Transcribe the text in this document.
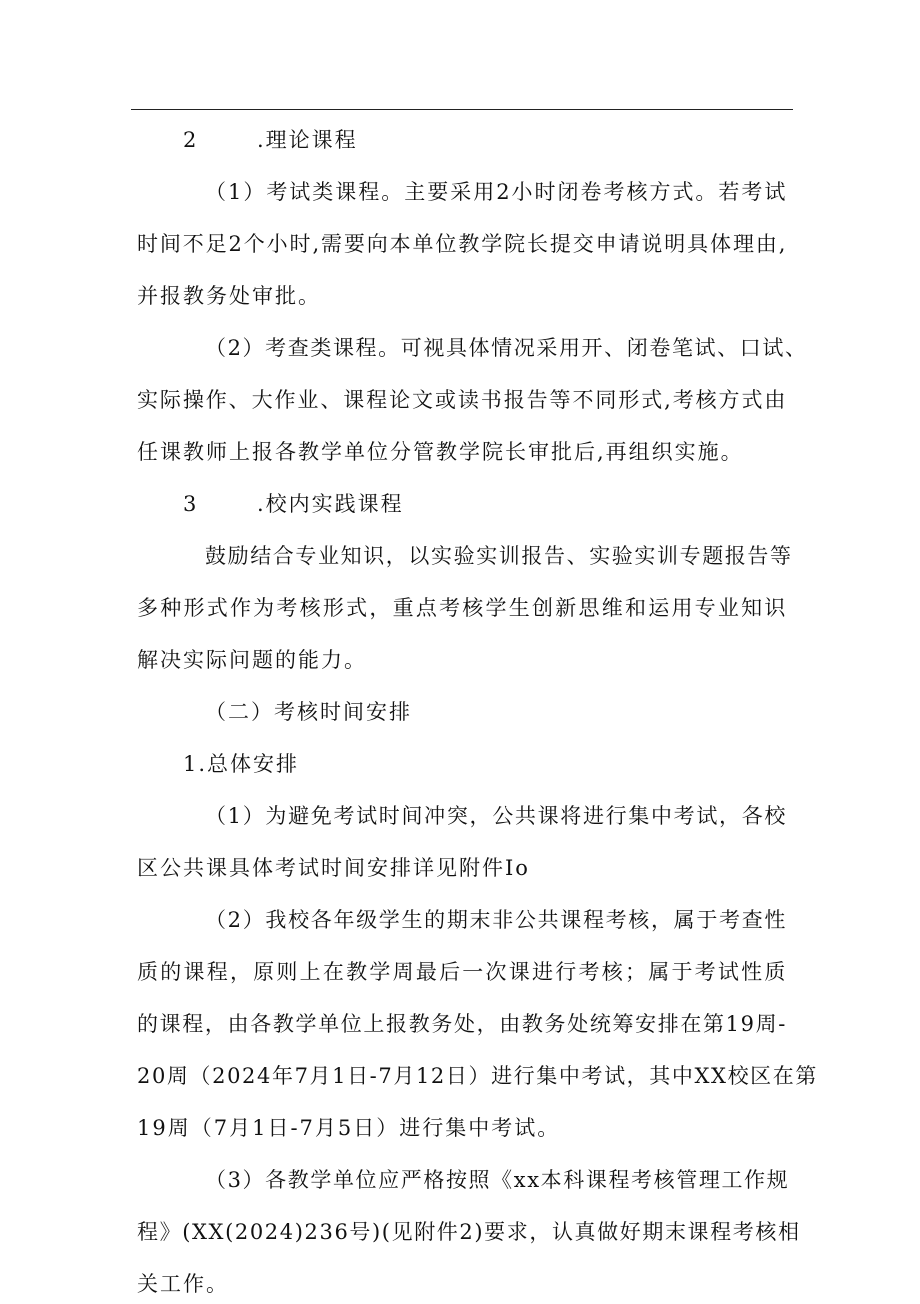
2	.理论课程
（1）考试类课程。主要采用2小时闭卷考核方式。若考试
时间不足2个小时,需要向本单位教学院长提交申请说明具体理由,
并报教务处审批。
（2）考查类课程。可视具体情况采用开、闭卷笔试、口试、
实际操作、大作业、课程论文或读书报告等不同形式,考核方式由
任课教师上报各教学单位分管教学院长审批后,再组织实施。
3	.校内实践课程
鼓励结合专业知识，以实验实训报告、实验实训专题报告等
多种形式作为考核形式，重点考核学生创新思维和运用专业知识
解决实际问题的能力。
（二）考核时间安排
1.总体安排
（1）为避免考试时间冲突，公共课将进行集中考试，各校
区公共课具体考试时间安排详见附件Io
（2）我校各年级学生的期末非公共课程考核，属于考查性
质的课程，原则上在教学周最后一次课进行考核；属于考试性质
的课程，由各教学单位上报教务处，由教务处统筹安排在第19周-
20周（2024年7月1日-7月12日）进行集中考试，其中XX校区在第
19周（7月1日-7月5日）进行集中考试。
（3）各教学单位应严格按照《xx本科课程考核管理工作规
程》(XX(2024)236号)(见附件2)要求，认真做好期末课程考核相
关工作。
